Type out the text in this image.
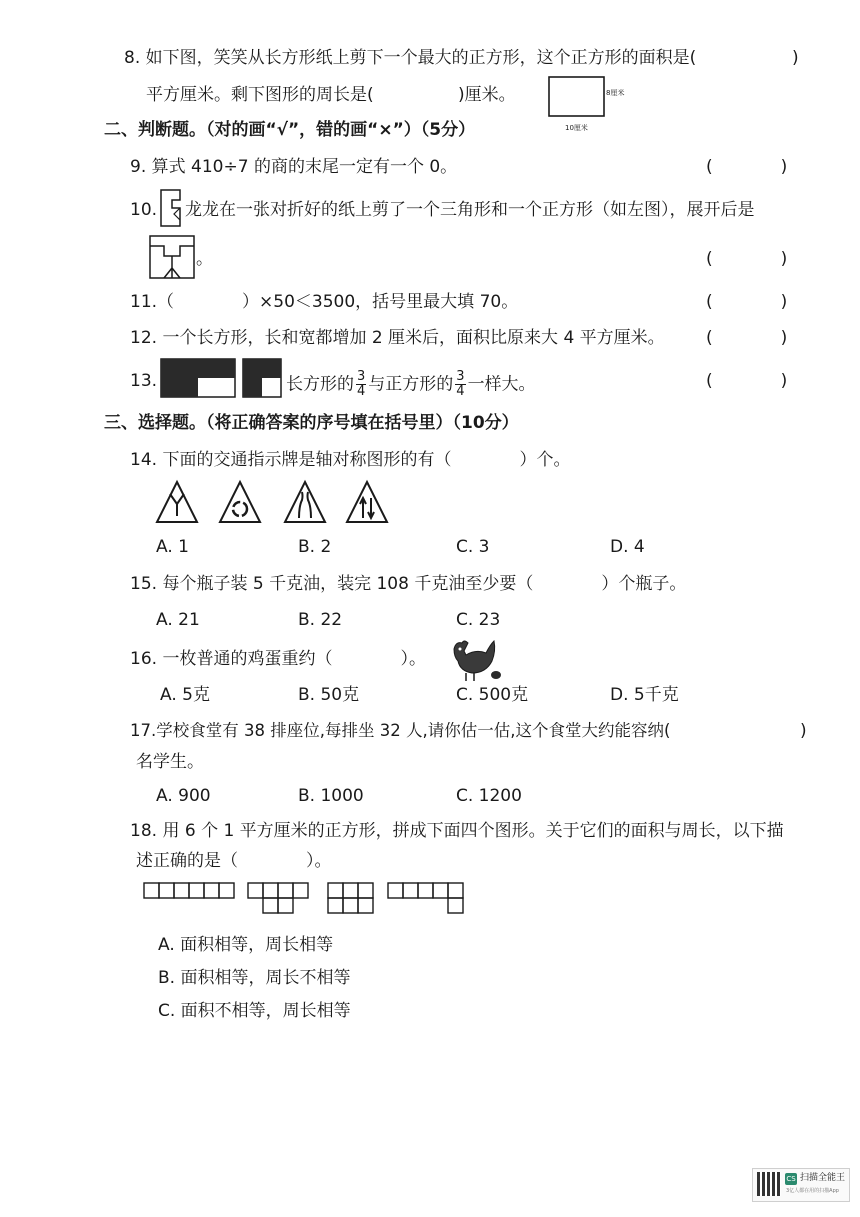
8. 如下图，笑笑从长方形纸上剪下一个最大的正方形，这个正方形的面积是(	)
平方厘米。剩下图形的周长是(	)厘米。	8厘米
10厘米
二、判断题。（对的画“√”，错的画“×”）（5分）
9. 算式 410÷7 的商的末尾一定有一个 0。	(　　　　)
10. 龙龙在一张对折好的纸上剪了一个三角形和一个正方形（如左图），展开后是
。	(　　　　)
11.（　　　　）×50＜3500，括号里最大填 70。	(　　　　)
12. 一个长方形，长和宽都增加 2 厘米后，面积比原来大 4 平方厘米。 (　　　　)
13.	长方形的 $\frac{3}{4}$ 与正方形的 $\frac{3}{4}$ 一样大。	(　　　　)
三、选择题。（将正确答案的序号填在括号里）（10分）
14. 下面的交通指示牌是轴对称图形的有（　　　　）个。
A. 1	B. 2	C. 3	D. 4
15. 每个瓶子装 5 千克油，装完 108 千克油至少要（　　　　）个瓶子。
A. 21	B. 22	C. 23
16. 一枚普通的鸡蛋重约（　　　　）。
A. 5克	B. 50克	C. 500克	D. 5千克
17.学校食堂有 38 排座位,每排坐 32 人,请你估一估,这个食堂大约能容纳(	)
名学生。
A. 900	B. 1000	C. 1200
18. 用 6 个 1 平方厘米的正方形，拼成下面四个图形。关于它们的面积与周长，以下描
述正确的是（　　　　）。
A. 面积相等，周长相等
B. 面积相等，周长不相等
C. 面积不相等，周长相等
CS 扫描全能王
3亿人都在用的扫描App
